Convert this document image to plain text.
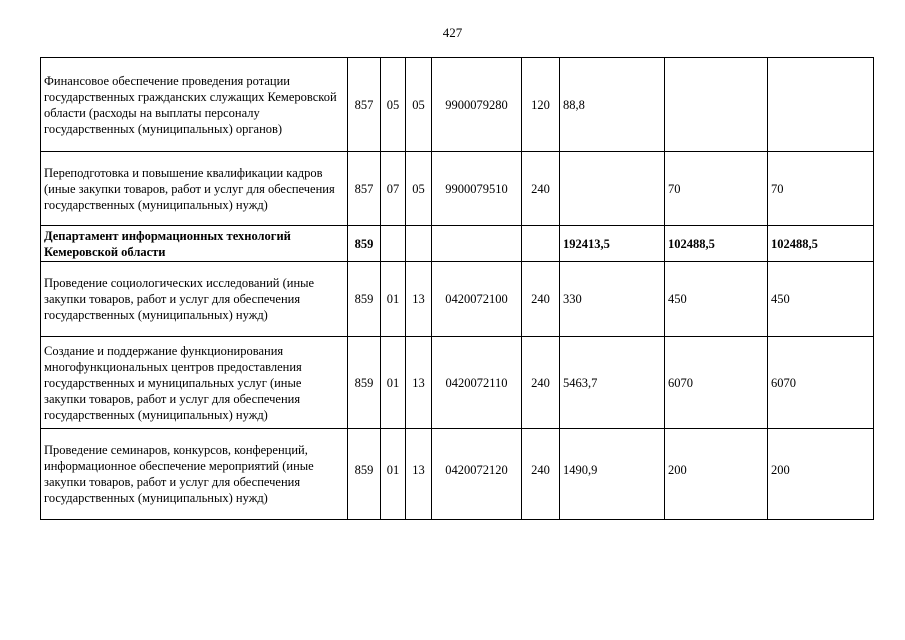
427
Финансовое обеспечение проведения ротации государственных гражданских служащих Кемеровской области (расходы на выплаты персоналу государственных (муниципальных) органов)	857	05	05	9900079280	120	88,8		
Переподготовка и повышение квалификации кадров (иные закупки товаров, работ и услуг для обеспечения государственных (муниципальных) нужд)	857	07	05	9900079510	240		70	70
Департамент информационных технологий Кемеровской области	859					192413,5	102488,5	102488,5
Проведение социологических исследований (иные закупки товаров, работ и услуг для обеспечения государственных (муниципальных) нужд)	859	01	13	0420072100	240	330	450	450
Создание и поддержание функционирования многофункциональных центров предоставления государственных и муниципальных услуг (иные закупки товаров, работ и услуг для обеспечения государственных (муниципальных) нужд)	859	01	13	0420072110	240	5463,7	6070	6070
Проведение семинаров, конкурсов, конференций, информационное обеспечение мероприятий (иные закупки товаров, работ и услуг для обеспечения государственных (муниципальных) нужд)	859	01	13	0420072120	240	1490,9	200	200
